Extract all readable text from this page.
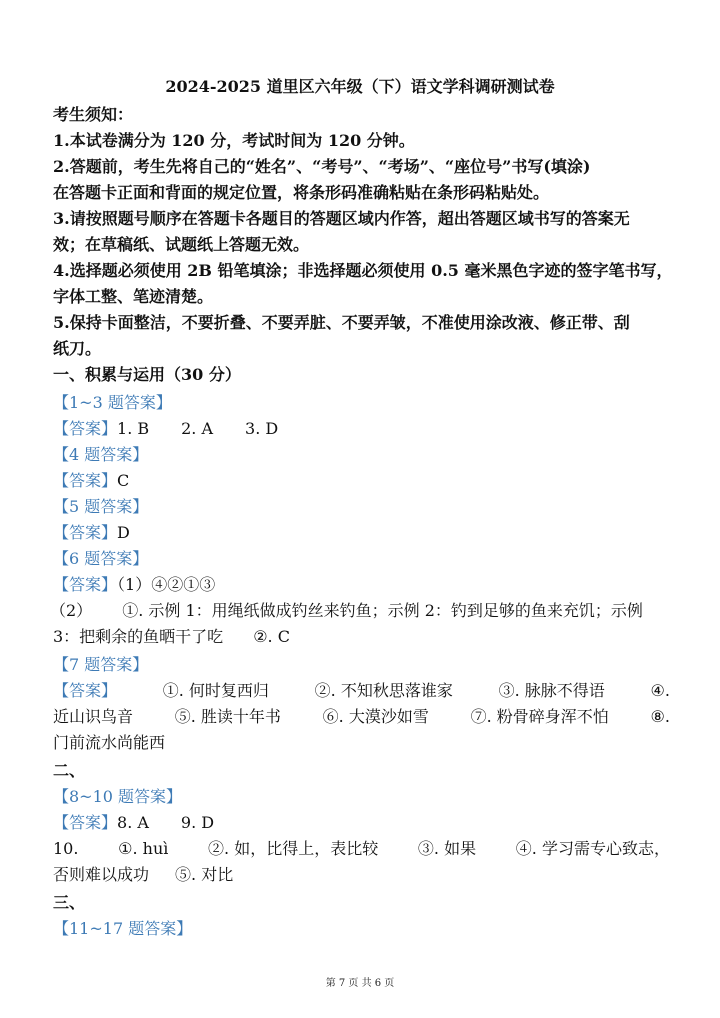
2024-2025 道里区六年级（下）语文学科调研测试卷
考生须知：
1.本试卷满分为 120 分，考试时间为 120 分钟。
2.答题前，考生先将自己的“姓名”、“考号”、“考场”、“座位号”书写(填涂)
在答题卡正面和背面的规定位置，将条形码准确粘贴在条形码粘贴处。
3.请按照题号顺序在答题卡各题目的答题区域内作答，超出答题区域书写的答案无
效；在草稿纸、试题纸上答题无效。
4.选择题必须使用 2B 铅笔填涂；非选择题必须使用 0.5 毫米黑色字迹的签字笔书写，
字体工整、笔迹清楚。
5.保持卡面整洁，不要折叠、不要弄脏、不要弄皱，不准使用涂改液、修正带、刮
纸刀。
一、积累与运用（30 分）
【1~3 题答案】
【答案】1. B 2. A 3. D
【4 题答案】
【答案】C
【5 题答案】
【答案】D
【6 题答案】
【答案】（1）④②①③
（2） ①. 示例 1：用绳纸做成钓丝来钓鱼；示例 2：钓到足够的鱼来充饥；示例
3：把剩余的鱼晒干了吃 ②. C
【7 题答案】
【答案】	①. 何时复西归	②. 不知秋思落谁家	③. 脉脉不得语	④.
近山识鸟音	⑤. 胜读十年书	⑥. 大漠沙如雪	⑦. 粉骨碎身浑不怕	⑧.
门前流水尚能西
二、
【8~10 题答案】
【答案】8. A 9. D
10. ①. huì ②. 如，比得上，表比较 ③. 如果 ④. 学习需专心致志，
否则难以成功 ⑤. 对比
三、
【11~17 题答案】
第 7 页 共 6 页
